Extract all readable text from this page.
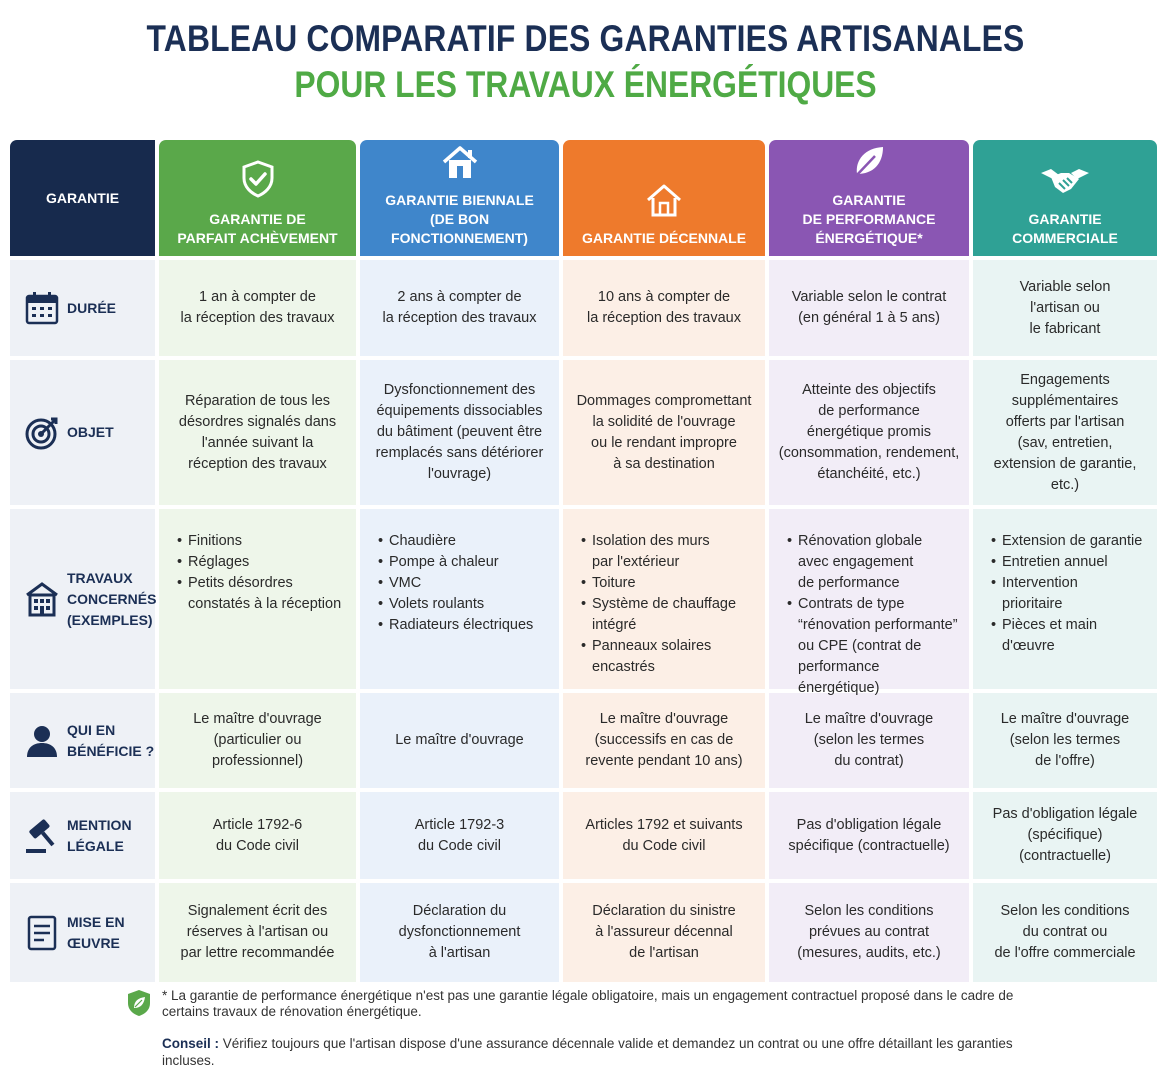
TABLEAU COMPARATIF DES GARANTIES ARTISANALES
POUR LES TRAVAUX ÉNERGÉTIQUES
GARANTIE
GARANTIE DE
PARFAIT ACHÈVEMENT
GARANTIE BIENNALE
(DE BON
FONCTIONNEMENT)	GARANTIE DÉCENNALE
GARANTIE
DE PERFORMANCE
ÉNERGÉTIQUE*
GARANTIE
COMMERCIALE
DURÉE
1 an à compter de
la réception des travaux
2 ans à compter de
la réception des travaux
10 ans à compter de
la réception des travaux
Variable selon le contrat
(en général 1 à 5 ans)
Variable selon
l'artisan ou
le fabricant
OBJET
Réparation de tous les
désordres signalés dans
l'année suivant la
réception des travaux
Dysfonctionnement des
équipements dissociables
du bâtiment (peuvent être
remplacés sans détériorer
l'ouvrage)
Dommages compromettant
la solidité de l'ouvrage
ou le rendant impropre
à sa destination
Atteinte des objectifs
de performance
énergétique promis
(consommation, rendement,
étanchéité, etc.)
Engagements
supplémentaires
offerts par l'artisan
(sav, entretien,
extension de garantie,
etc.)
TRAVAUX
CONCERNÉS
(EXEMPLES)
• Finitions
• Réglages
• Petits désordres
constatés à la réception
• Chaudière
• Pompe à chaleur
• VMC
• Volets roulants
• Radiateurs électriques
• Isolation des murs
par l'extérieur
• Toiture
• Système de chauffage
intégré
• Panneaux solaires
encastrés
• Rénovation globale
avec engagement
de performance
• Contrats de type
“rénovation performante”
ou CPE (contrat de
performance énergétique)
• Extension de garantie
• Entretien annuel
• Intervention
prioritaire
• Pièces et main
d'œuvre
QUI EN
BÉNÉFICIE ?
Le maître d'ouvrage
(particulier ou
professionnel)
Le maître d'ouvrage
Le maître d'ouvrage
(successifs en cas de
revente pendant 10 ans)
Le maître d'ouvrage
(selon les termes
du contrat)
Le maître d'ouvrage
(selon les termes
de l'offre)
MENTION
LÉGALE
Article 1792-6
du Code civil
Article 1792-3
du Code civil
Articles 1792 et suivants
du Code civil
Pas d'obligation légale
spécifique (contractuelle)
Pas d'obligation légale
(spécifique)
(contractuelle)
MISE EN ŒUVRE
Signalement écrit des
réserves à l'artisan ou
par lettre recommandée
Déclaration du
dysfonctionnement
à l'artisan
Déclaration du sinistre
à l'assureur décennal
de l'artisan
Selon les conditions
prévues au contrat
(mesures, audits, etc.)
Selon les conditions
du contrat ou
de l'offre commerciale
* La garantie de performance énergétique n'est pas une garantie légale obligatoire, mais un engagement contractuel proposé dans le cadre de certains travaux de rénovation énergétique.
Conseil : Vérifiez toujours que l'artisan dispose d'une assurance décennale valide et demandez un contrat ou une offre détaillant les garanties incluses.
